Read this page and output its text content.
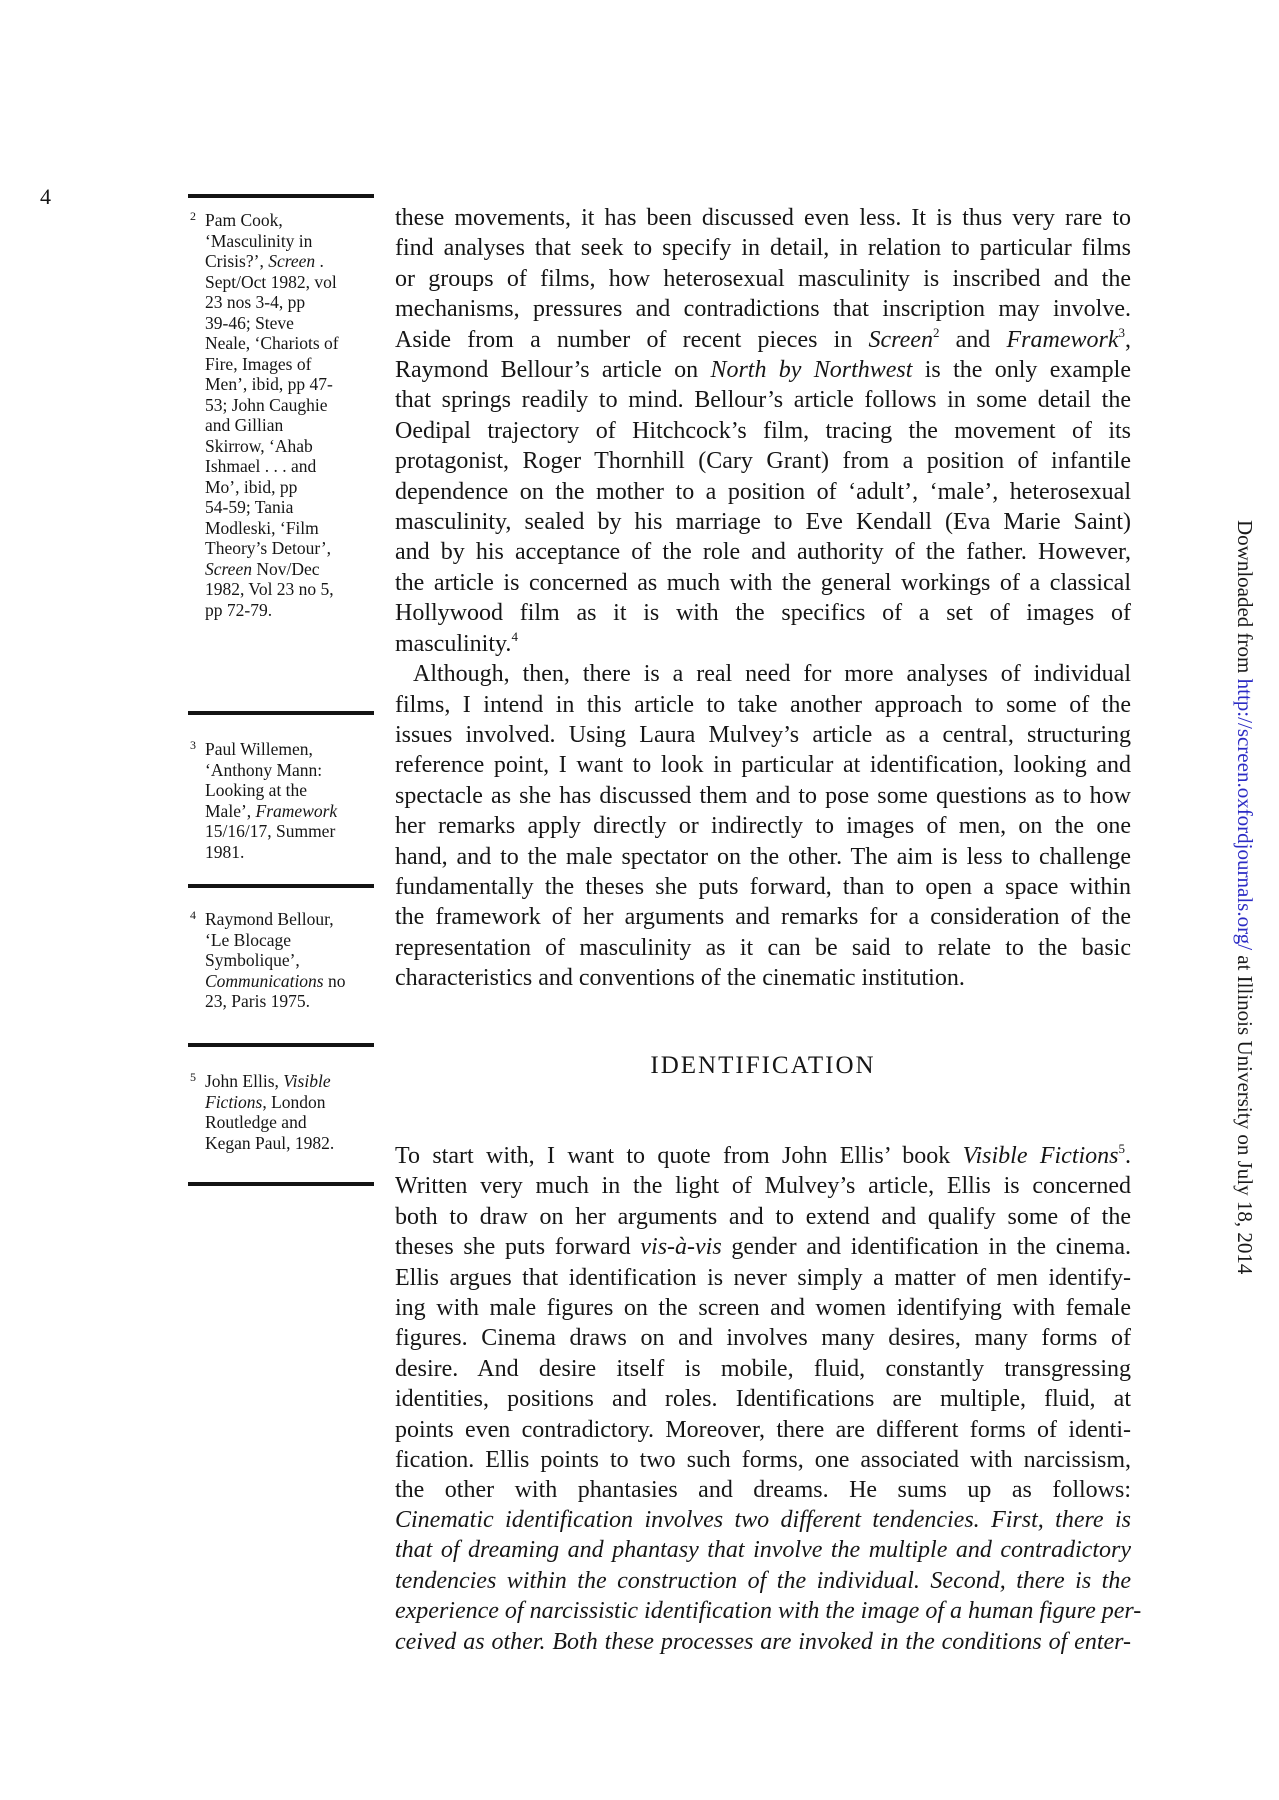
4
2 Pam Cook,
‘Masculinity in
Crisis?’, Screen .
Sept/Oct 1982, vol
23 nos 3-4, pp
39-46; Steve
Neale, ‘Chariots of
Fire, Images of
Men’, ibid, pp 47-
53; John Caughie
and Gillian
Skirrow, ‘Ahab
Ishmael . . . and
Mo’, ibid, pp
54-59; Tania
Modleski, ‘Film
Theory’s Detour’,
Screen Nov/Dec
1982, Vol 23 no 5,
pp 72-79.
3 Paul Willemen,
‘Anthony Mann:
Looking at the
Male’, Framework
15/16/17, Summer
1981.
4 Raymond Bellour,
‘Le Blocage
Symbolique’,
Communications no
23, Paris 1975.
5 John Ellis, Visible
Fictions, London
Routledge and
Kegan Paul, 1982.

these movements, it has been discussed even less. It is thus very rare to
find analyses that seek to specify in detail, in relation to particular films
or groups of films, how heterosexual masculinity is inscribed and the
mechanisms, pressures and contradictions that inscription may involve.
Aside from a number of recent pieces in Screen$^2$ and Framework$^3$,
Raymond Bellour’s article on North by Northwest is the only example
that springs readily to mind. Bellour’s article follows in some detail the
Oedipal trajectory of Hitchcock’s film, tracing the movement of its
protagonist, Roger Thornhill (Cary Grant) from a position of infantile
dependence on the mother to a position of ‘adult’, ‘male’, heterosexual
masculinity, sealed by his marriage to Eve Kendall (Eva Marie Saint)
and by his acceptance of the role and authority of the father. However,
the article is concerned as much with the general workings of a classical
Hollywood film as it is with the specifics of a set of images of
masculinity.$^4$

Although, then, there is a real need for more analyses of individual
films, I intend in this article to take another approach to some of the
issues involved. Using Laura Mulvey’s article as a central, structuring
reference point, I want to look in particular at identification, looking and
spectacle as she has discussed them and to pose some questions as to how
her remarks apply directly or indirectly to images of men, on the one
hand, and to the male spectator on the other. The aim is less to challenge
fundamentally the theses she puts forward, than to open a space within
the framework of her arguments and remarks for a consideration of the
representation of masculinity as it can be said to relate to the basic
characteristics and conventions of the cinematic institution.

IDENTIFICATION

To start with, I want to quote from John Ellis’ book Visible Fictions$^5$.
Written very much in the light of Mulvey’s article, Ellis is concerned
both to draw on her arguments and to extend and qualify some of the
theses she puts forward vis-à-vis gender and identification in the cinema.
Ellis argues that identification is never simply a matter of men identify-
ing with male figures on the screen and women identifying with female
figures. Cinema draws on and involves many desires, many forms of
desire. And desire itself is mobile, fluid, constantly transgressing
identities, positions and roles. Identifications are multiple, fluid, at
points even contradictory. Moreover, there are different forms of identi-
fication. Ellis points to two such forms, one associated with narcissism,
the other with phantasies and dreams. He sums up as follows:

Cinematic identification involves two different tendencies. First, there is
that of dreaming and phantasy that involve the multiple and contradictory
tendencies within the construction of the individual. Second, there is the
experience of narcissistic identification with the image of a human figure per-
ceived as other. Both these processes are invoked in the conditions of enter-
Downloaded from http://screen.oxfordjournals.org/ at Illinois University on July 18, 2014
